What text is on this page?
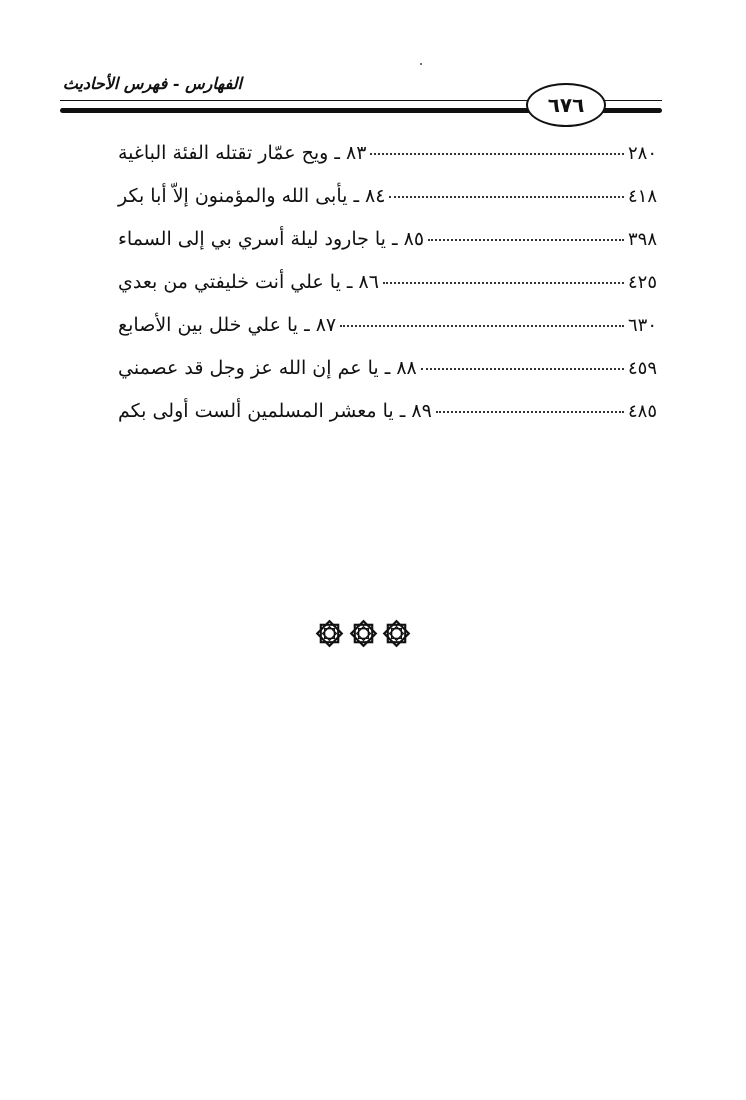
الفهارس - فهرس الأحاديث
٦٧٦
٨٣ ـ ويح عمّار تقتله الفئة الباغية	٢٨٠
٨٤ ـ يأبى الله والمؤمنون إلاّ أبا بكر	٤١٨
٨٥ ـ يا جارود ليلة أسري بي إلى السماء	٣٩٨
٨٦ ـ يا علي أنت خليفتي من بعدي	٤٢٥
٨٧ ـ يا علي خلل بين الأصابع	٦٣٠
٨٨ ـ يا عم إن الله عز وجل قد عصمني	٤٥٩
٨٩ ـ يا معشر المسلمين ألست أولى بكم	٤٨٥
